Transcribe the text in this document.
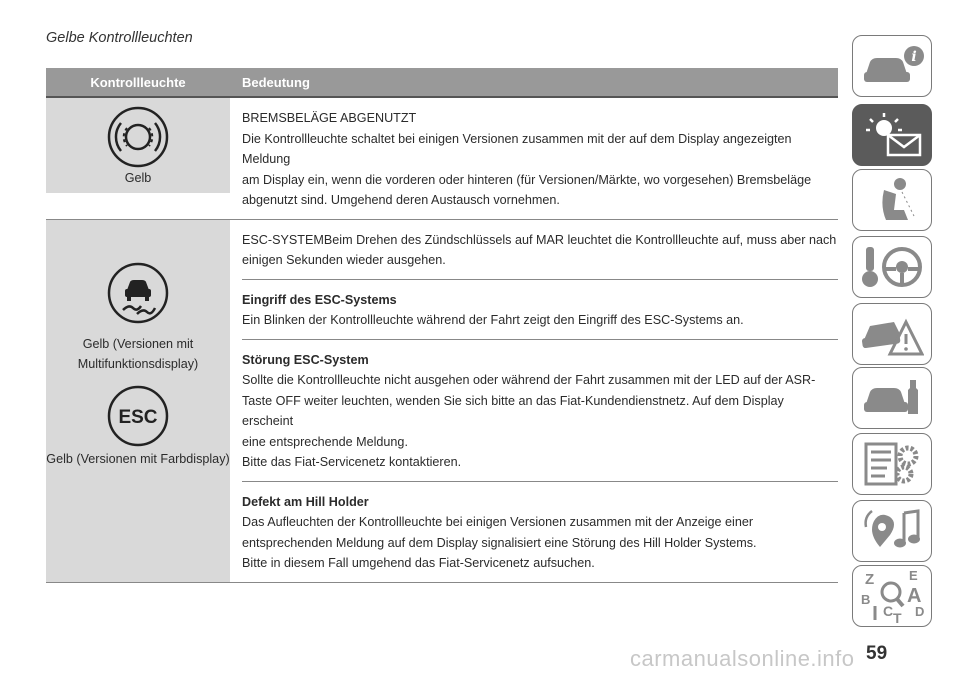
Gelbe Kontrollleuchten
Kontrollleuchte	Bedeutung
Gelb
BREMSBELÄGE ABGENUTZT
Die Kontrollleuchte schaltet bei einigen Versionen zusammen mit der auf dem Display angezeigten Meldung
am Display ein, wenn die vorderen oder hinteren (für Versionen/Märkte, wo vorgesehen) Bremsbeläge
abgenutzt sind. Umgehend deren Austausch vornehmen.
Gelb (Versionen mit
Multifunktionsdisplay)
ESC
Gelb (Versionen mit Farbdisplay)
ESC-SYSTEMBeim Drehen des Zündschlüssels auf MAR leuchtet die Kontrollleuchte auf, muss aber nach
einigen Sekunden wieder ausgehen.
Eingriff des ESC-Systems
Ein Blinken der Kontrollleuchte während der Fahrt zeigt den Eingriff des ESC-Systems an.
Störung ESC-System
Sollte die Kontrollleuchte nicht ausgehen oder während der Fahrt zusammen mit der LED auf der ASR-
Taste OFF weiter leuchten, wenden Sie sich bitte an das Fiat-Kundendienstnetz. Auf dem Display erscheint
eine entsprechende Meldung.
Bitte das Fiat-Servicenetz kontaktieren.
Defekt am Hill Holder
Das Aufleuchten der Kontrollleuchte bei einigen Versionen zusammen mit der Anzeige einer
entsprechenden Meldung auf dem Display signalisiert eine Störung des Hill Holder Systems.
Bitte in diesem Fall umgehend das Fiat-Servicenetz aufsuchen.
i
Z	E
B A
C D
T
59
carmanualsonline.info
